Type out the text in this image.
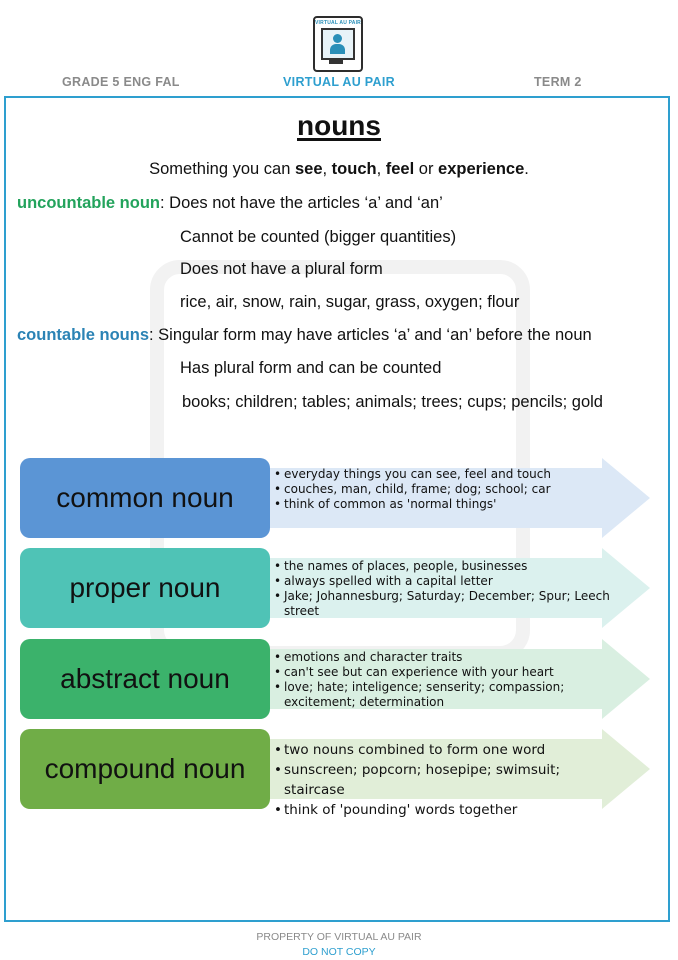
VIRTUAL AU PAIR
GRADE 5 ENG FAL	VIRTUAL AU PAIR	TERM 2
nouns
Something you can see, touch, feel or experience.
uncountable noun: Does not have the articles ‘a’ and ‘an’
Cannot be counted (bigger quantities)
Does not have a plural form
rice, air, snow, rain, sugar, grass, oxygen; flour
countable nouns: Singular form may have articles ‘a’ and ‘an’ before the noun
Has plural form and can be counted
books; children; tables; animals; trees; cups; pencils; gold
common noun
• everyday things you can see, feel and touch
• couches, man, child, frame; dog; school; car
• think of common as 'normal things'
proper noun
• the names of places, people, businesses
• always spelled with a capital letter
• Jake; Johannesburg; Saturday; December; Spur; Leech street
abstract noun
• emotions and character traits
• can't see but can experience with your heart
• love; hate; inteligence; senserity; compassion; excitement; determination
compound noun
• two nouns combined to form one word
• sunscreen; popcorn; hosepipe; swimsuit; staircase
• think of 'pounding' words together
PROPERTY OF VIRTUAL AU PAIR
DO NOT COPY
